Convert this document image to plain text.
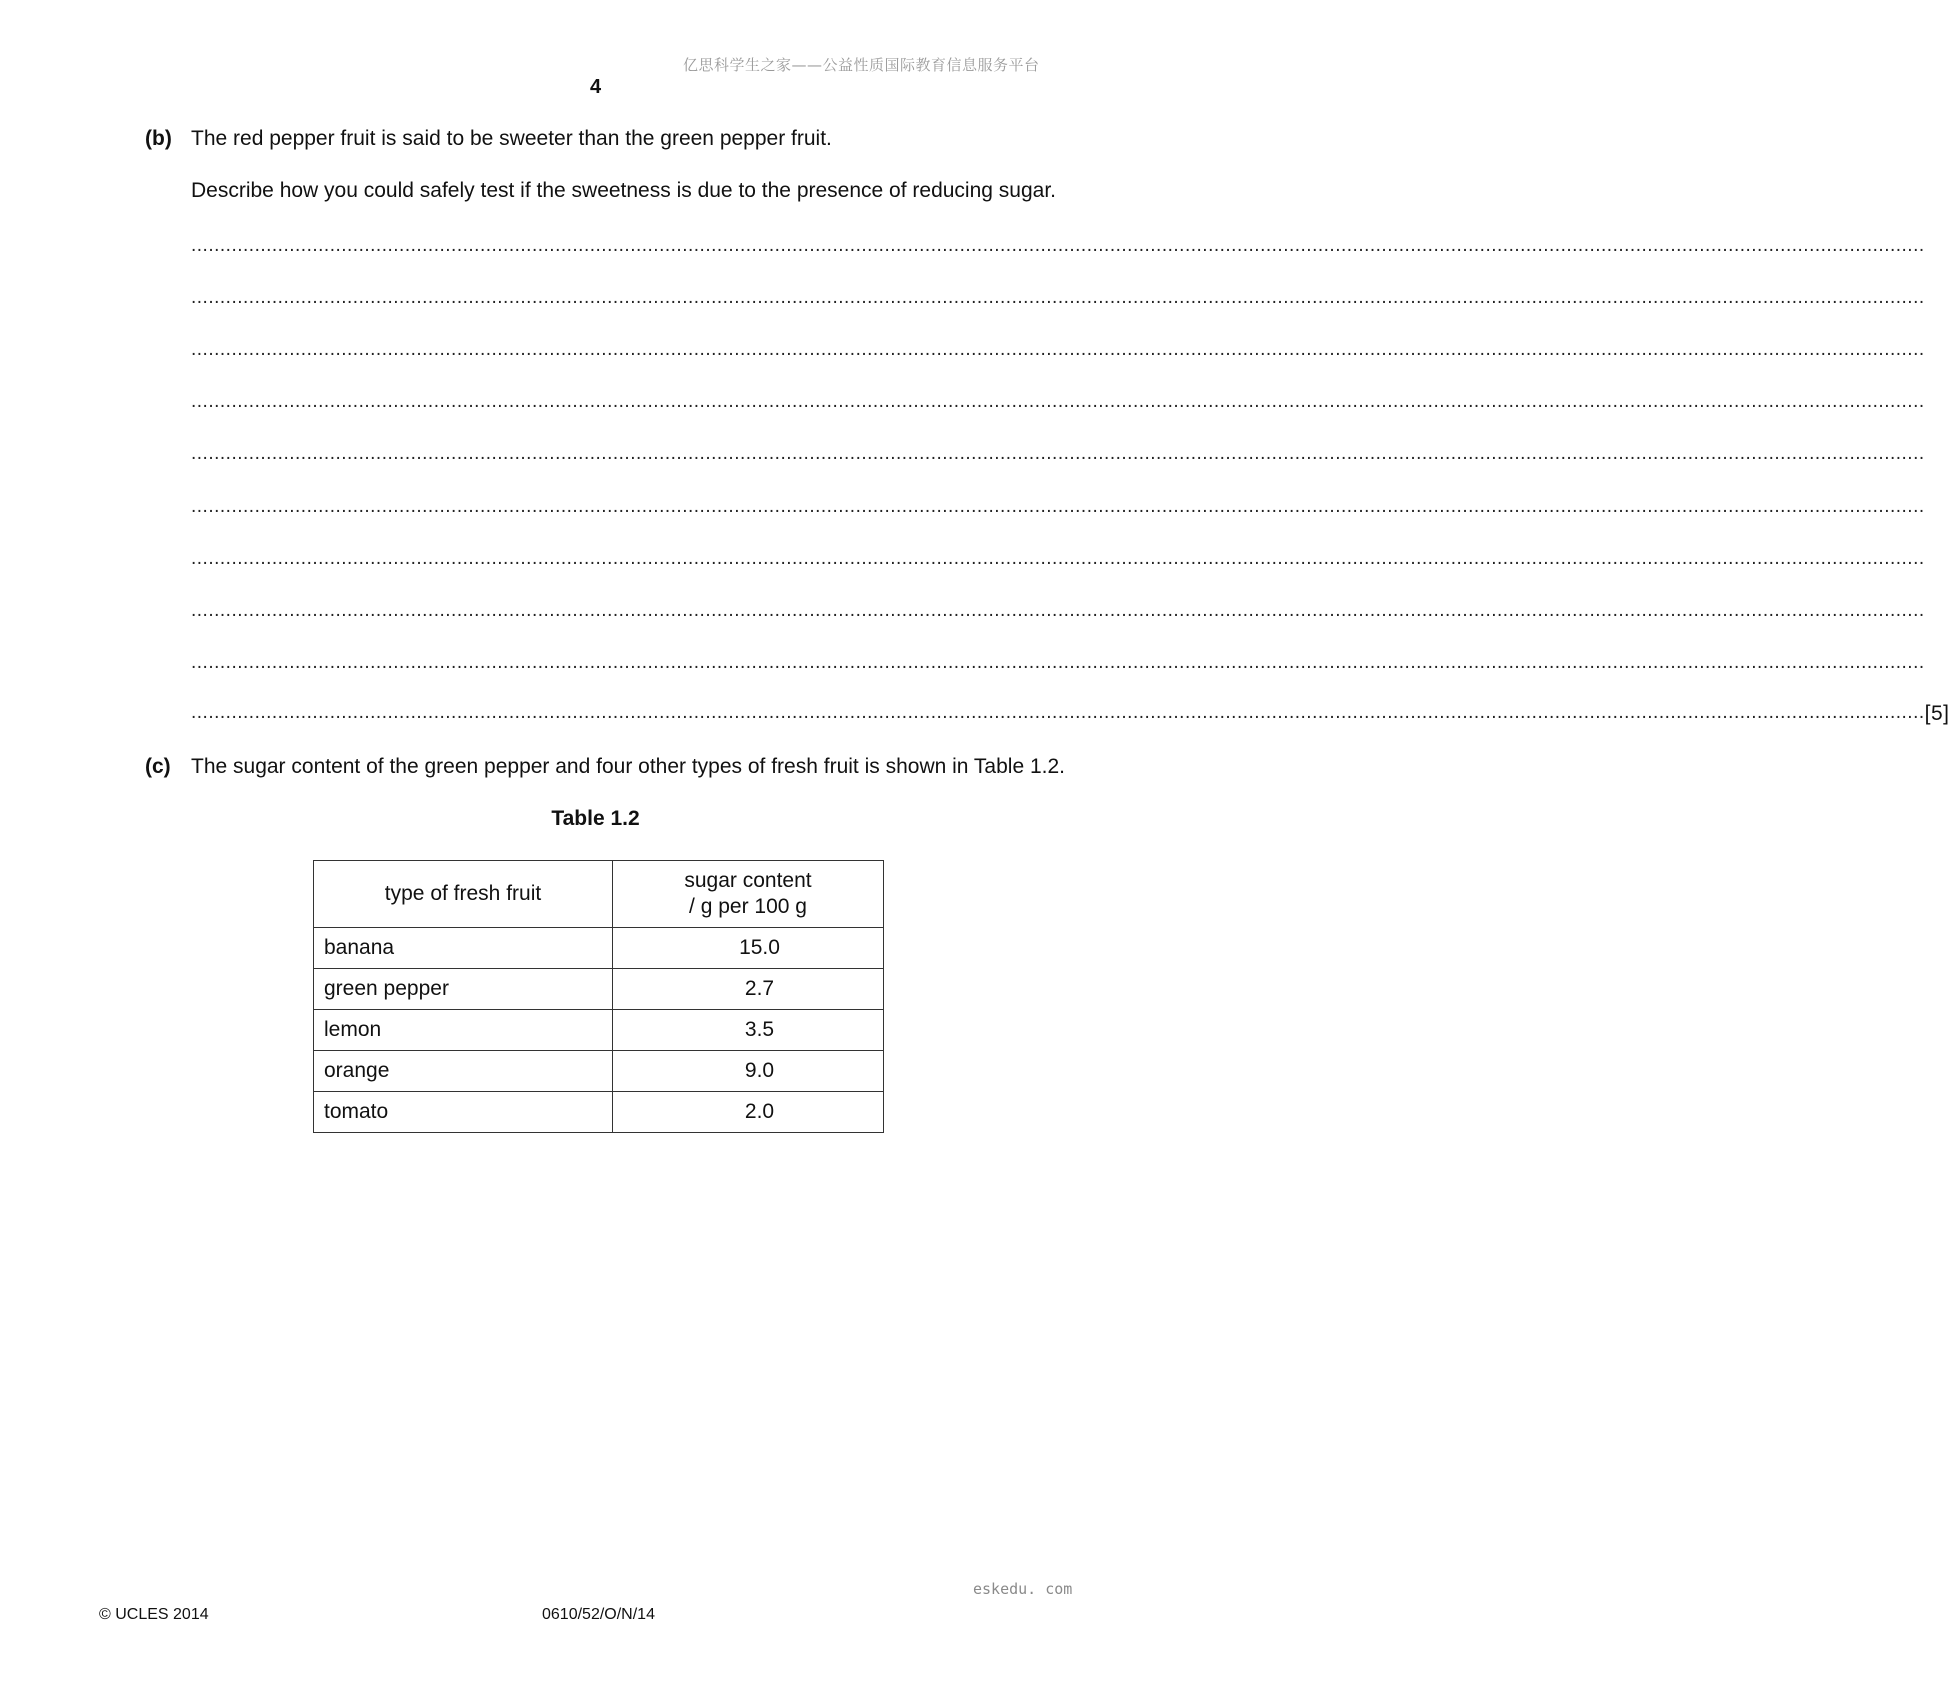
亿思科学生之家——公益性质国际教育信息服务平台
4
(b) The red pepper fruit is said to be sweeter than the green pepper fruit.
Describe how you could safely test if the sweetness is due to the presence of reducing sugar.
............................................................................................................................................................................................................................................................................................................
............................................................................................................................................................................................................................................................................................................
............................................................................................................................................................................................................................................................................................................
............................................................................................................................................................................................................................................................................................................
............................................................................................................................................................................................................................................................................................................
............................................................................................................................................................................................................................................................................................................
............................................................................................................................................................................................................................................................................................................
............................................................................................................................................................................................................................................................................................................
............................................................................................................................................................................................................................................................................................................
............................................................................................................................................................................................................................................................................................................ [5]
(c) The sugar content of the green pepper and four other types of fresh fruit is shown in Table 1.2.
Table 1.2
type of fresh fruit	sugar content
/ g per 100 g
banana	15.0
green pepper	2.7
lemon	3.5
orange	9.0
tomato	2.0
eskedu. com
© UCLES 2014	0610/52/O/N/14
